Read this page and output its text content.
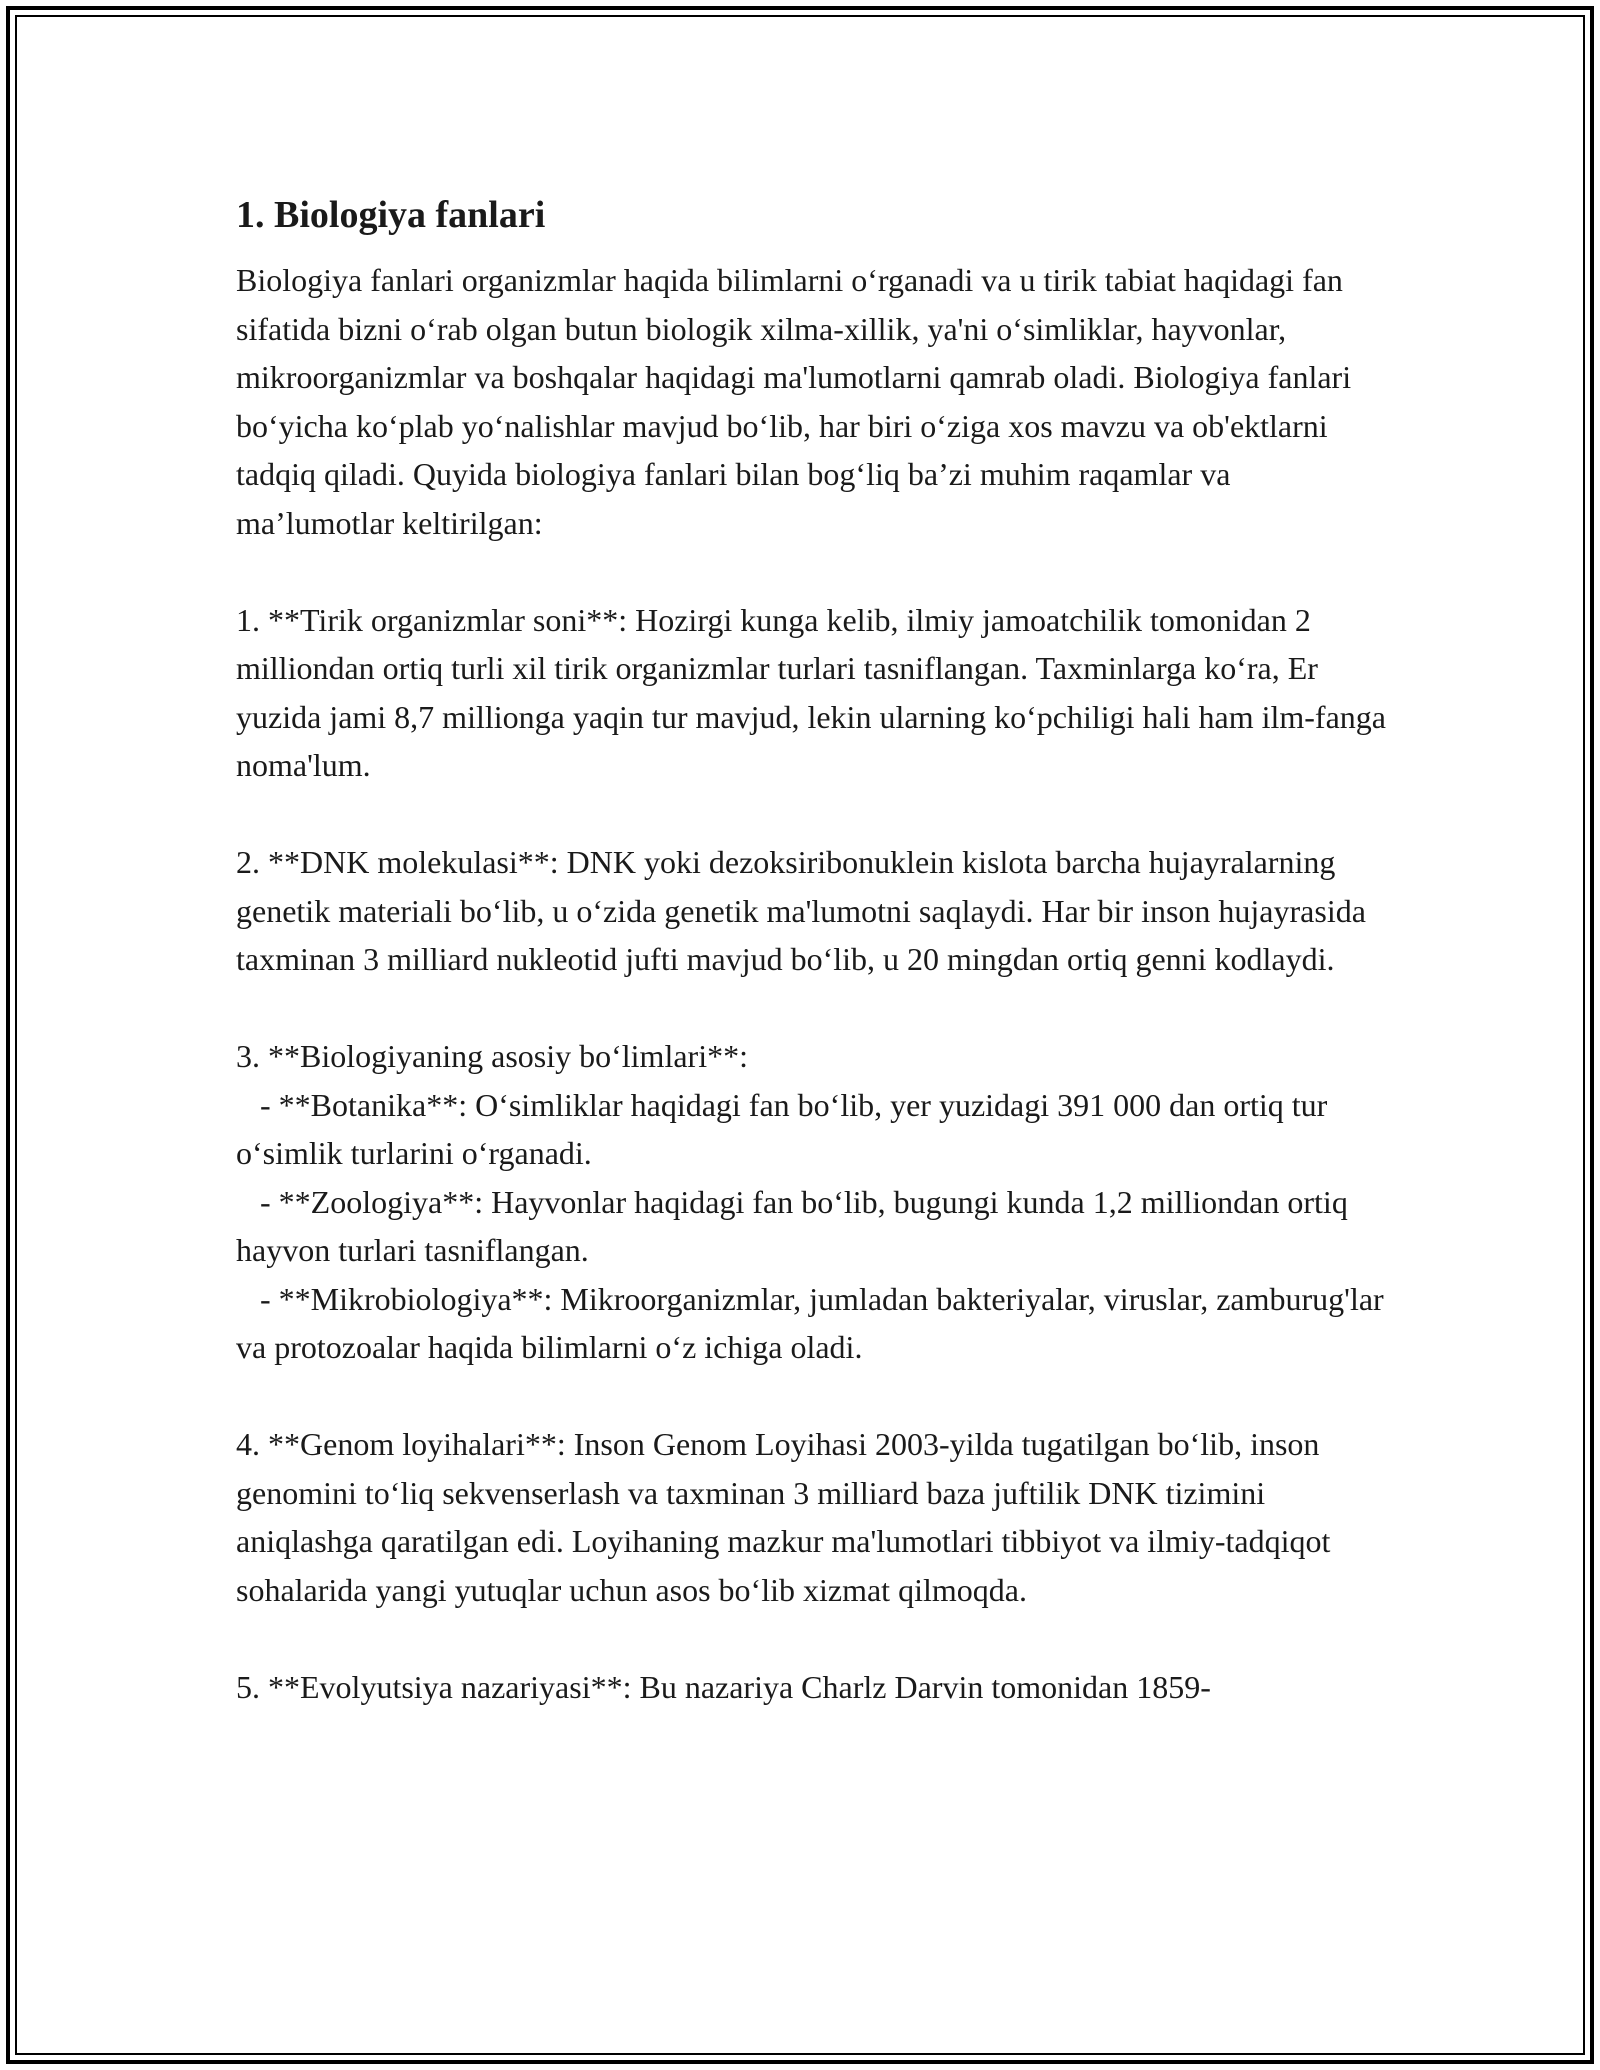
1. Biologiya fanlari

Biologiya fanlari organizmlar haqida bilimlarni o‘rganadi va u tirik tabiat haqidagi fan sifatida bizni o‘rab olgan butun biologik xilma-xillik, ya'ni o‘simliklar, hayvonlar, mikroorganizmlar va boshqalar haqidagi ma'lumotlarni qamrab oladi. Biologiya fanlari bo‘yicha ko‘plab yo‘nalishlar mavjud bo‘lib, har biri o‘ziga xos mavzu va ob'ektlarni tadqiq qiladi. Quyida biologiya fanlari bilan bog‘liq ba’zi muhim raqamlar va ma’lumotlar keltirilgan:

1. **Tirik organizmlar soni**: Hozirgi kunga kelib, ilmiy jamoatchilik tomonidan 2 milliondan ortiq turli xil tirik organizmlar turlari tasniflangan. Taxminlarga ko‘ra, Er yuzida jami 8,7 millionga yaqin tur mavjud, lekin ularning ko‘pchiligi hali ham ilm-fanga noma'lum.

2. **DNK molekulasi**: DNK yoki dezoksiribonuklein kislota barcha hujayralarning genetik materiali bo‘lib, u o‘zida genetik ma'lumotni saqlaydi. Har bir inson hujayrasida taxminan 3 milliard nukleotid jufti mavjud bo‘lib, u 20 mingdan ortiq genni kodlaydi.

3. **Biologiyaning asosiy bo‘limlari**:

- **Botanika**: O‘simliklar haqidagi fan bo‘lib, yer yuzidagi 391 000 dan ortiq tur o‘simlik turlarini o‘rganadi.

- **Zoologiya**: Hayvonlar haqidagi fan bo‘lib, bugungi kunda 1,2 milliondan ortiq hayvon turlari tasniflangan.

- **Mikrobiologiya**: Mikroorganizmlar, jumladan bakteriyalar, viruslar, zamburug'lar va protozoalar haqida bilimlarni o‘z ichiga oladi.

4. **Genom loyihalari**: Inson Genom Loyihasi 2003-yilda tugatilgan bo‘lib, inson genomini to‘liq sekvenserlash va taxminan 3 milliard baza juftilik DNK tizimini aniqlashga qaratilgan edi. Loyihaning mazkur ma'lumotlari tibbiyot va ilmiy-tadqiqot sohalarida yangi yutuqlar uchun asos bo‘lib xizmat qilmoqda.

5. **Evolyutsiya nazariyasi**: Bu nazariya Charlz Darvin tomonidan 1859-
